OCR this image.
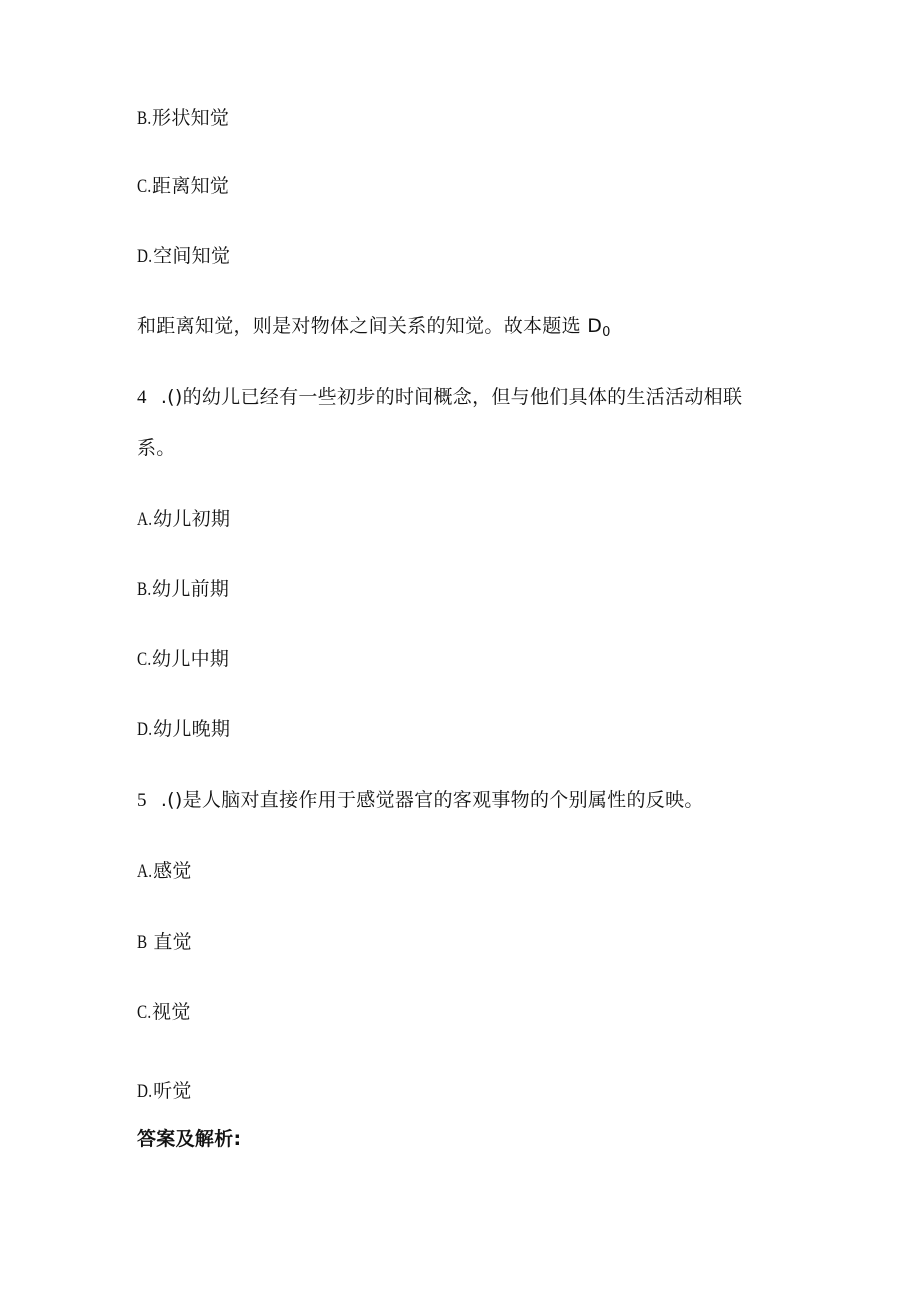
B.形状知觉
C.距离知觉
D.空间知觉
和距离知觉，则是对物体之间关系的知觉。故本题选 $D_0$
4 .()的幼儿已经有一些初步的时间概念，但与他们具体的生活活动相联
系。
A.幼儿初期
B.幼儿前期
C.幼儿中期
D.幼儿晚期
5 .()是人脑对直接作用于感觉器官的客观事物的个别属性的反映。
A.感觉
B 直觉
C.视觉
D.听觉
答案及解析:
